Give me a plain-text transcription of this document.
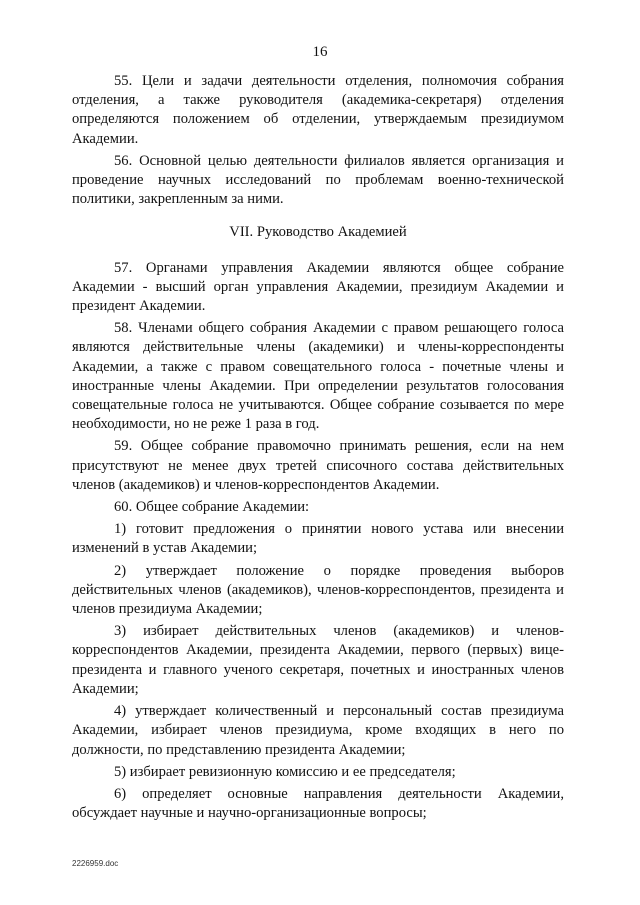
16

55. Цели и задачи деятельности отделения, полномочия собрания отделения, а также руководителя (академика-секретаря) отделения определяются положением об отделении, утверждаемым президиумом Академии.

56. Основной целью деятельности филиалов является организация и проведение научных исследований по проблемам военно-технической политики, закрепленным за ними.

VII. Руководство Академией

57. Органами управления Академии являются общее собрание Академии - высший орган управления Академии, президиум Академии и президент Академии.

58. Членами общего собрания Академии с правом решающего голоса являются действительные члены (академики) и члены-корреспонденты Академии, а также с правом совещательного голоса - почетные члены и иностранные члены Академии. При определении результатов голосования совещательные голоса не учитываются. Общее собрание созывается по мере необходимости, но не реже 1 раза в год.

59. Общее собрание правомочно принимать решения, если на нем присутствуют не менее двух третей списочного состава действительных членов (академиков) и членов-корреспондентов Академии.

60. Общее собрание Академии:

1) готовит предложения о принятии нового устава или внесении изменений в устав Академии;

2) утверждает положение о порядке проведения выборов действительных членов (академиков), членов-корреспондентов, президента и членов президиума Академии;

3) избирает действительных членов (академиков) и членов-корреспондентов Академии, президента Академии, первого (первых) вице-президента и главного ученого секретаря, почетных и иностранных членов Академии;

4) утверждает количественный и персональный состав президиума Академии, избирает членов президиума, кроме входящих в него по должности, по представлению президента Академии;

5) избирает ревизионную комиссию и ее председателя;

6) определяет основные направления деятельности Академии, обсуждает научные и научно-организационные вопросы;

2226959.doc
